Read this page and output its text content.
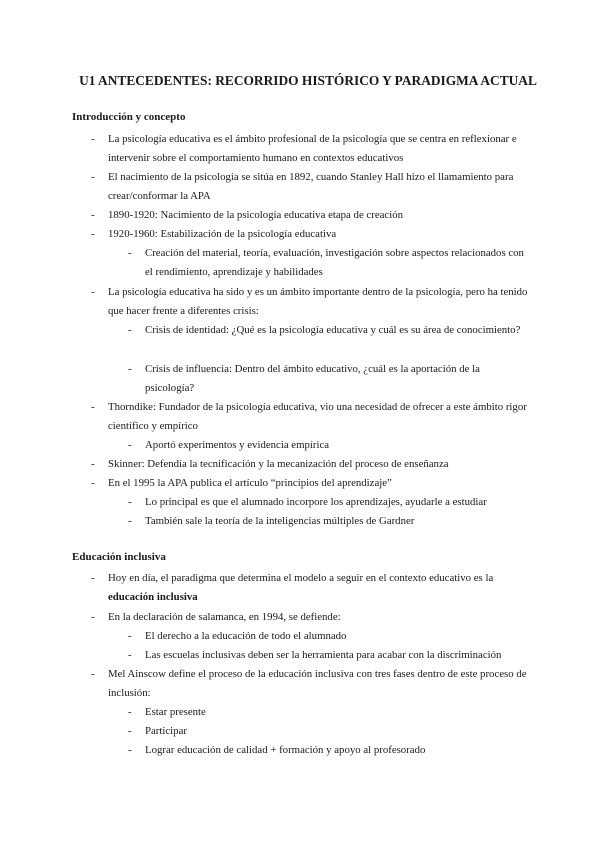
U1 ANTECEDENTES: RECORRIDO HISTÓRICO Y PARADIGMA ACTUAL
Introducción y concepto
- La psicología educativa es el ámbito profesional de la psicología que se centra en reflexionar e intervenir sobre el comportamiento humano en contextos educativos

- El nacimiento de la psicología se sitúa en 1892, cuando Stanley Hall hizo el llamamiento para crear/conformar la APA

- 1890-1920: Nacimiento de la psicología educativa etapa de creación

- 1920-1960: Estabilización de la psicología educativa

- Creación del material, teoría, evaluación, investigación sobre aspectos relacionados con el rendimiento, aprendizaje y habilidades

- La psicología educativa ha sido y es un ámbito importante dentro de la psicología, pero ha tenido que hacer frente a diferentes crisis:

- Crisis de identidad: ¿Qué es la psicología educativa y cuál es su área de conocimiento?

- Crisis de influencia: Dentro del ámbito educativo, ¿cuál es la aportación de la psicología?

- Thorndike: Fundador de la psicología educativa, vio una necesidad de ofrecer a este ámbito rigor científico y empírico

- Aportó experimentos y evidencia empírica

- Skinner: Defendía la tecnificación y la mecanización del proceso de enseñanza

- En el 1995 la APA publica el artículo “principios del aprendizaje”

- Lo principal es que el alumnado incorpore los aprendizajes, ayudarle a estudiar

- También sale la teoría de la inteligencias múltiples de Gardner

Educación inclusiva
- Hoy en día, el paradigma que determina el modelo a seguir en el contexto educativo es la educación inclusiva

- En la declaración de salamanca, en 1994, se defiende:

- El derecho a la educación de todo el alumnado

- Las escuelas inclusivas deben ser la herramienta para acabar con la discriminación

- Mel Ainscow define el proceso de la educación inclusiva con tres fases dentro de este proceso de inclusión:

- Estar presente

- Participar

- Lograr educación de calidad + formación y apoyo al profesorado
